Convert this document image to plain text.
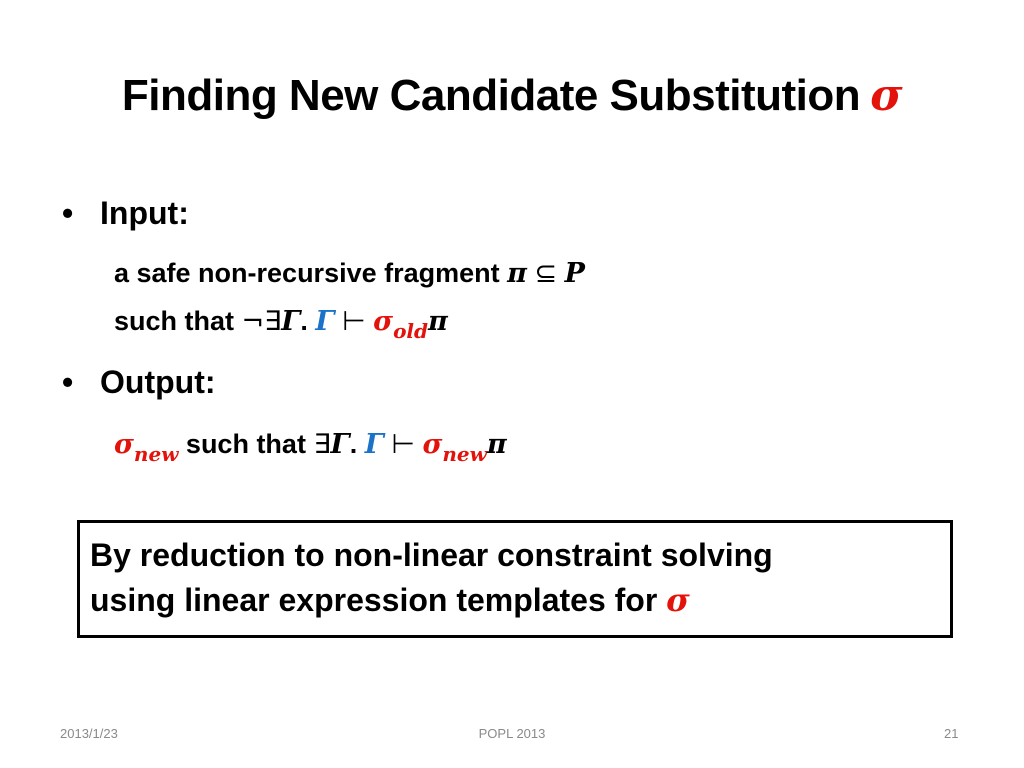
Finding New Candidate Substitution σ
• Input:
a safe non-recursive fragment π ⊆ P
such that ¬∃Γ. Γ ⊢ $\sigma_{old}\pi$
• Output:
$\sigma_{new}$ such that ∃Γ. Γ ⊢ $\sigma_{new}\pi$
By reduction to non-linear constraint solving
using linear expression templates for σ
2013/1/23	POPL 2013	21
